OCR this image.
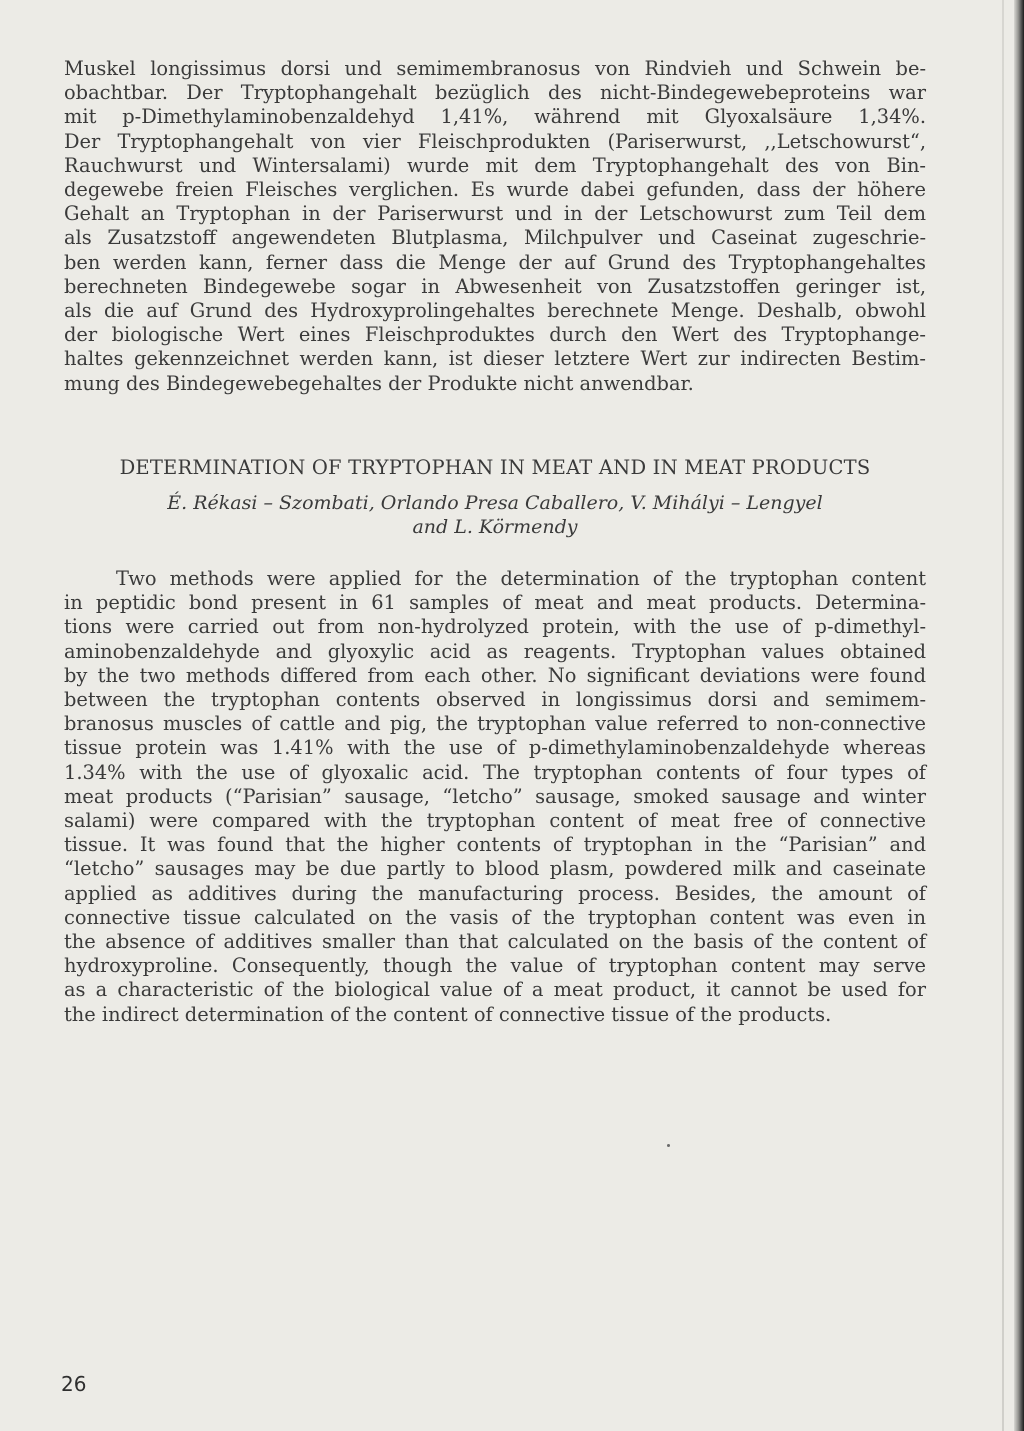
Muskel longissimus dorsi und semimembranosus von Rindvieh und Schwein be-
obachtbar. Der Tryptophangehalt bezüglich des nicht-Bindegewebeproteins war
mit p-Dimethylaminobenzaldehyd 1,41%, während mit Glyoxalsäure 1,34%.
Der Tryptophangehalt von vier Fleischprodukten (Pariserwurst, ,,Letschowurst“,
Rauchwurst und Wintersalami) wurde mit dem Tryptophangehalt des von Bin-
degewebe freien Fleisches verglichen. Es wurde dabei gefunden, dass der höhere
Gehalt an Tryptophan in der Pariserwurst und in der Letschowurst zum Teil dem
als Zusatzstoff angewendeten Blutplasma, Milchpulver und Caseinat zugeschrie-
ben werden kann, ferner dass die Menge der auf Grund des Tryptophangehaltes
berechneten Bindegewebe sogar in Abwesenheit von Zusatzstoffen geringer ist,
als die auf Grund des Hydroxyprolingehaltes berechnete Menge. Deshalb, obwohl
der biologische Wert eines Fleischproduktes durch den Wert des Tryptophange-
haltes gekennzeichnet werden kann, ist dieser letztere Wert zur indirecten Bestim-
mung des Bindegewebegehaltes der Produkte nicht anwendbar.

DETERMINATION OF TRYPTOPHAN IN MEAT AND IN MEAT PRODUCTS

É. Rékasi – Szombati, Orlando Presa Caballero, V. Mihályi – Lengyel
and L. Körmendy

Two methods were applied for the determination of the tryptophan content
in peptidic bond present in 61 samples of meat and meat products. Determina-
tions were carried out from non-hydrolyzed protein, with the use of p-dimethyl-
aminobenzaldehyde and glyoxylic acid as reagents. Tryptophan values obtained
by the two methods differed from each other. No significant deviations were found
between the tryptophan contents observed in longissimus dorsi and semimem-
branosus muscles of cattle and pig, the tryptophan value referred to non-connective
tissue protein was 1.41% with the use of p-dimethylaminobenzaldehyde whereas
1.34% with the use of glyoxalic acid. The tryptophan contents of four types of
meat products (“Parisian” sausage, “letcho” sausage, smoked sausage and winter
salami) were compared with the tryptophan content of meat free of connective
tissue. It was found that the higher contents of tryptophan in the “Parisian” and
“letcho” sausages may be due partly to blood plasm, powdered milk and caseinate
applied as additives during the manufacturing process. Besides, the amount of
connective tissue calculated on the vasis of the tryptophan content was even in
the absence of additives smaller than that calculated on the basis of the content of
hydroxyproline. Consequently, though the value of tryptophan content may serve
as a characteristic of the biological value of a meat product, it cannot be used for
the indirect determination of the content of connective tissue of the products.
26
